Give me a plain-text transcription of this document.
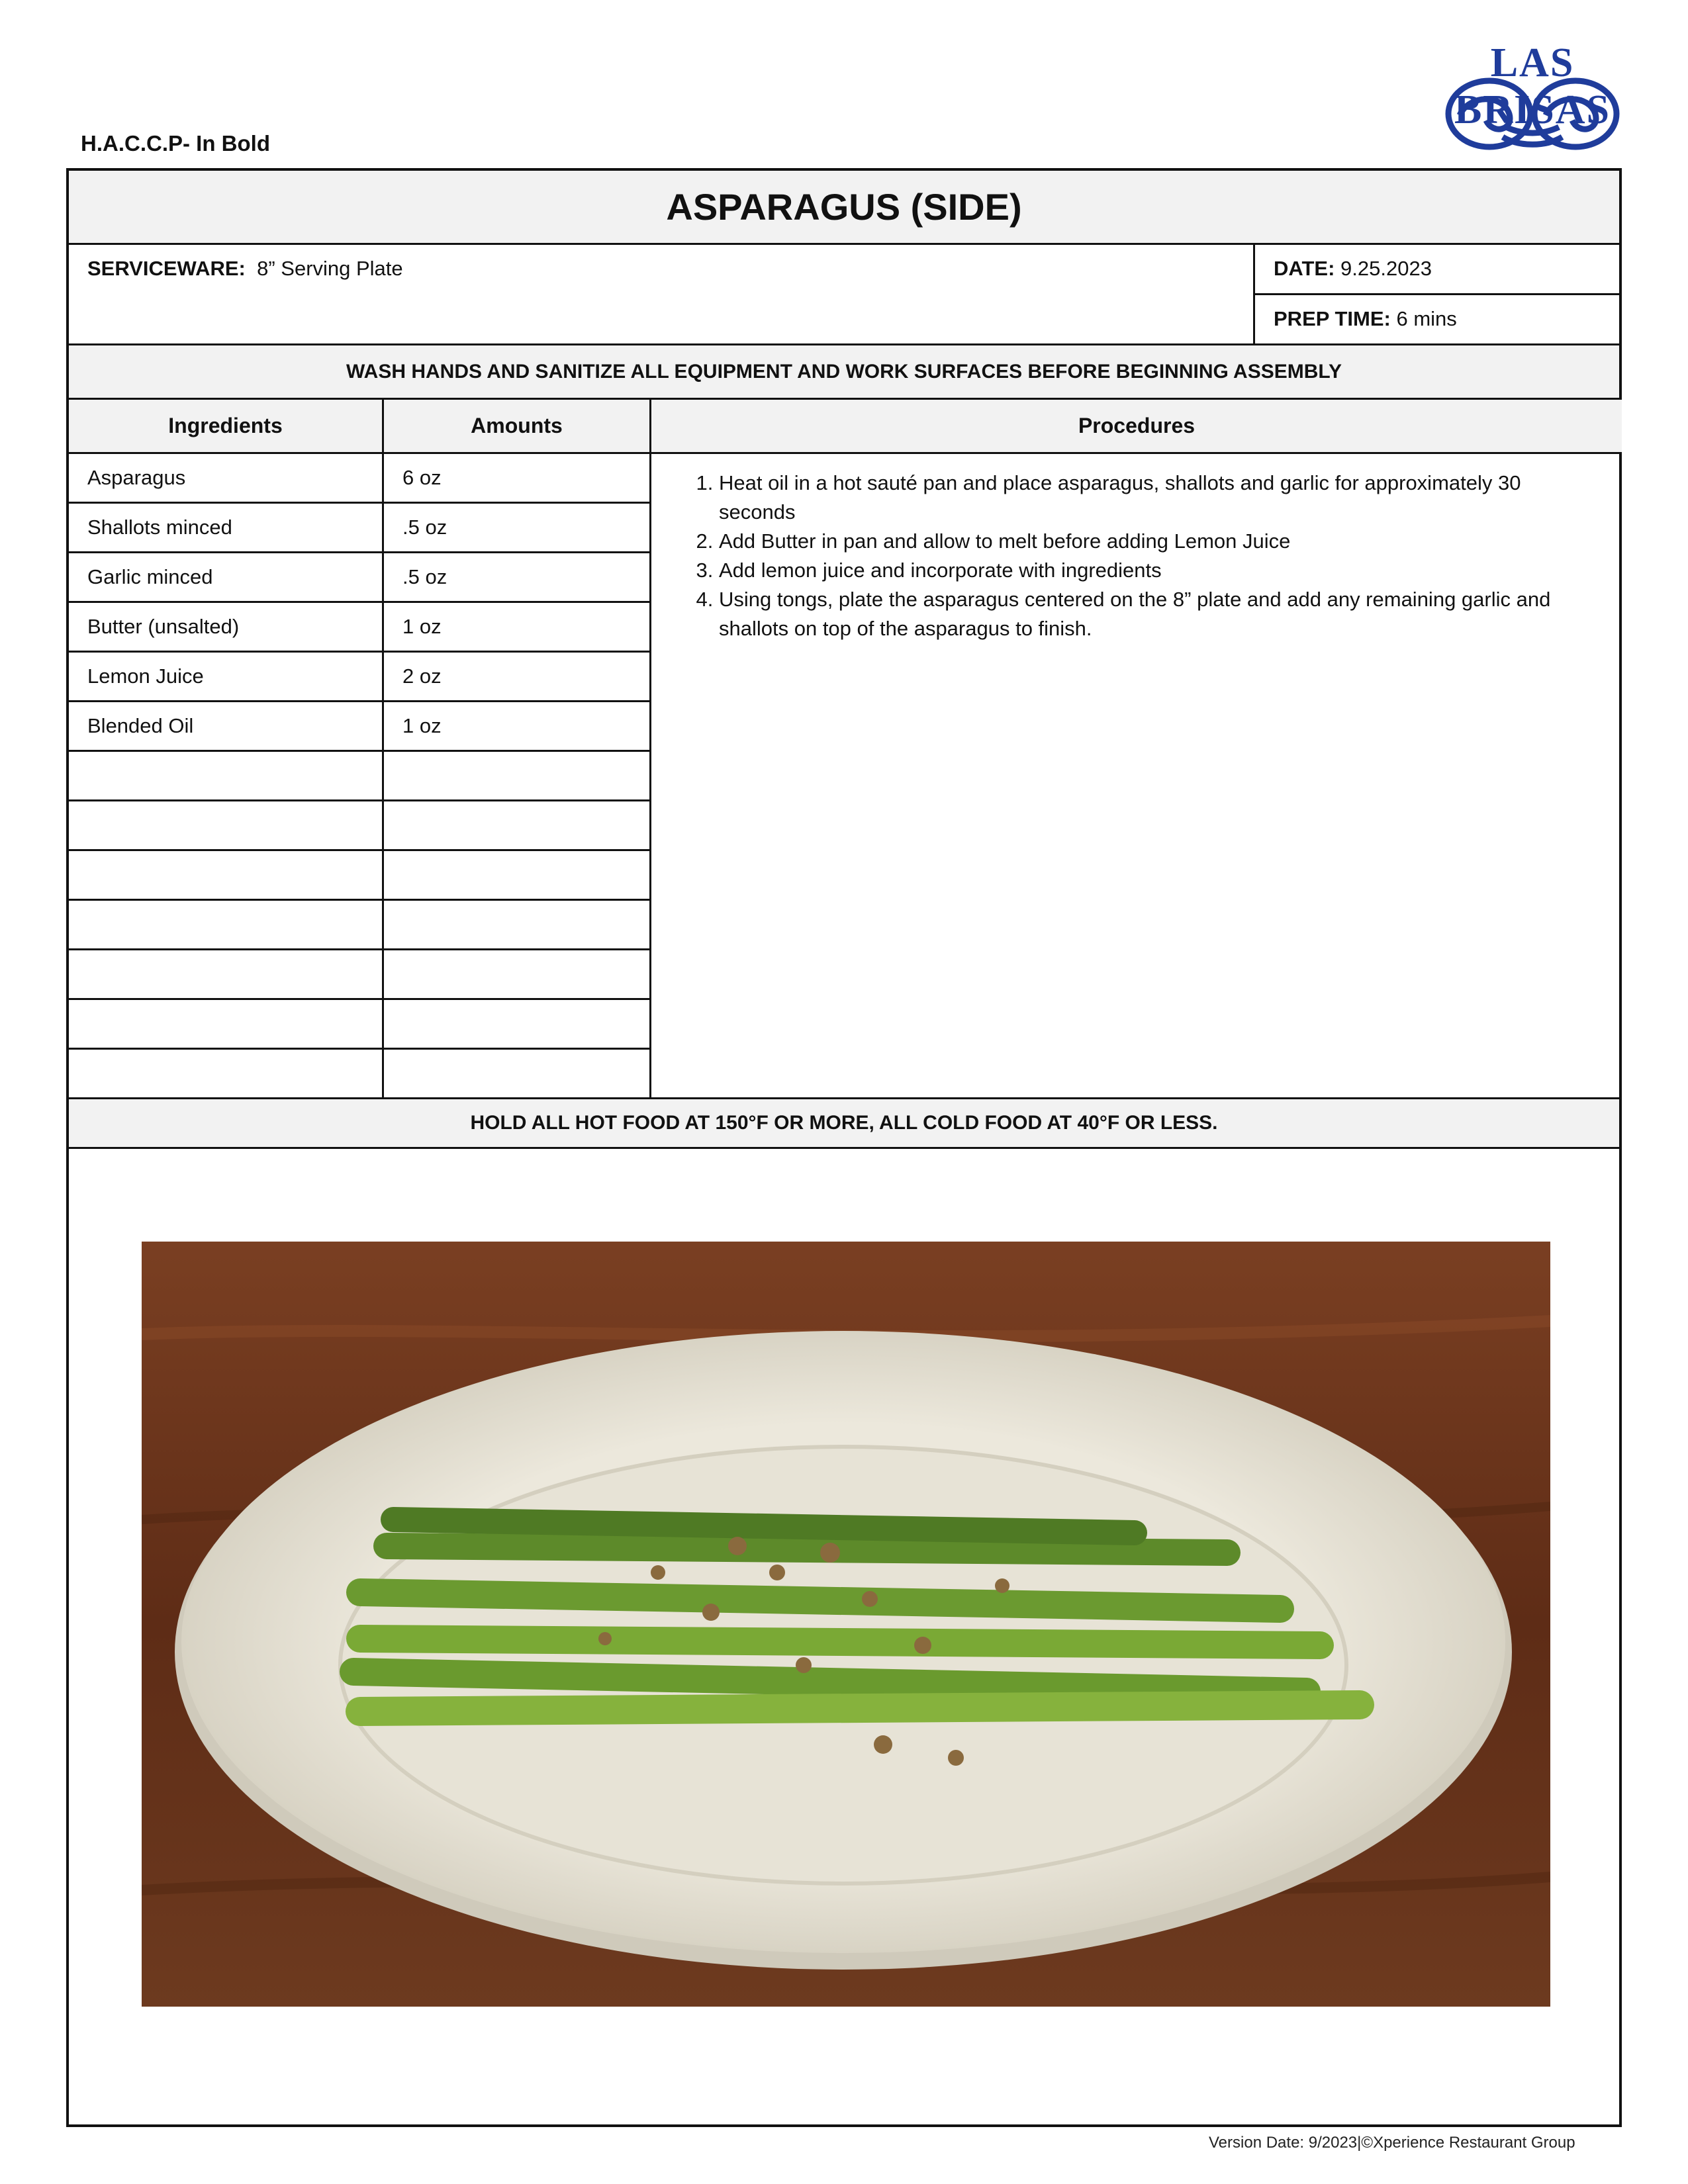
H.A.C.C.P- In Bold
LAS BRISAS
ASPARAGUS (SIDE)
SERVICEWARE: 8” Serving Plate	DATE: 9.25.2023
PREP TIME: 6 mins
WASH HANDS AND SANITIZE ALL EQUIPMENT AND WORK SURFACES BEFORE BEGINNING ASSEMBLY
Ingredients	Amounts	Procedures
Asparagus	6 oz
Shallots minced	.5 oz
Garlic minced	.5 oz
Butter (unsalted)	1 oz
Lemon Juice	2 oz
Blended Oil	1 oz
1. Heat oil in a hot sauté pan and place asparagus, shallots and garlic for approximately 30 seconds
2. Add Butter in pan and allow to melt before adding Lemon Juice
3. Add lemon juice and incorporate with ingredients
4. Using tongs, plate the asparagus centered on the 8” plate and add any remaining garlic and shallots on top of the asparagus to finish.
HOLD ALL HOT FOOD AT 150°F OR MORE, ALL COLD FOOD AT 40°F OR LESS.
Version Date: 9/2023|©Xperience Restaurant Group
